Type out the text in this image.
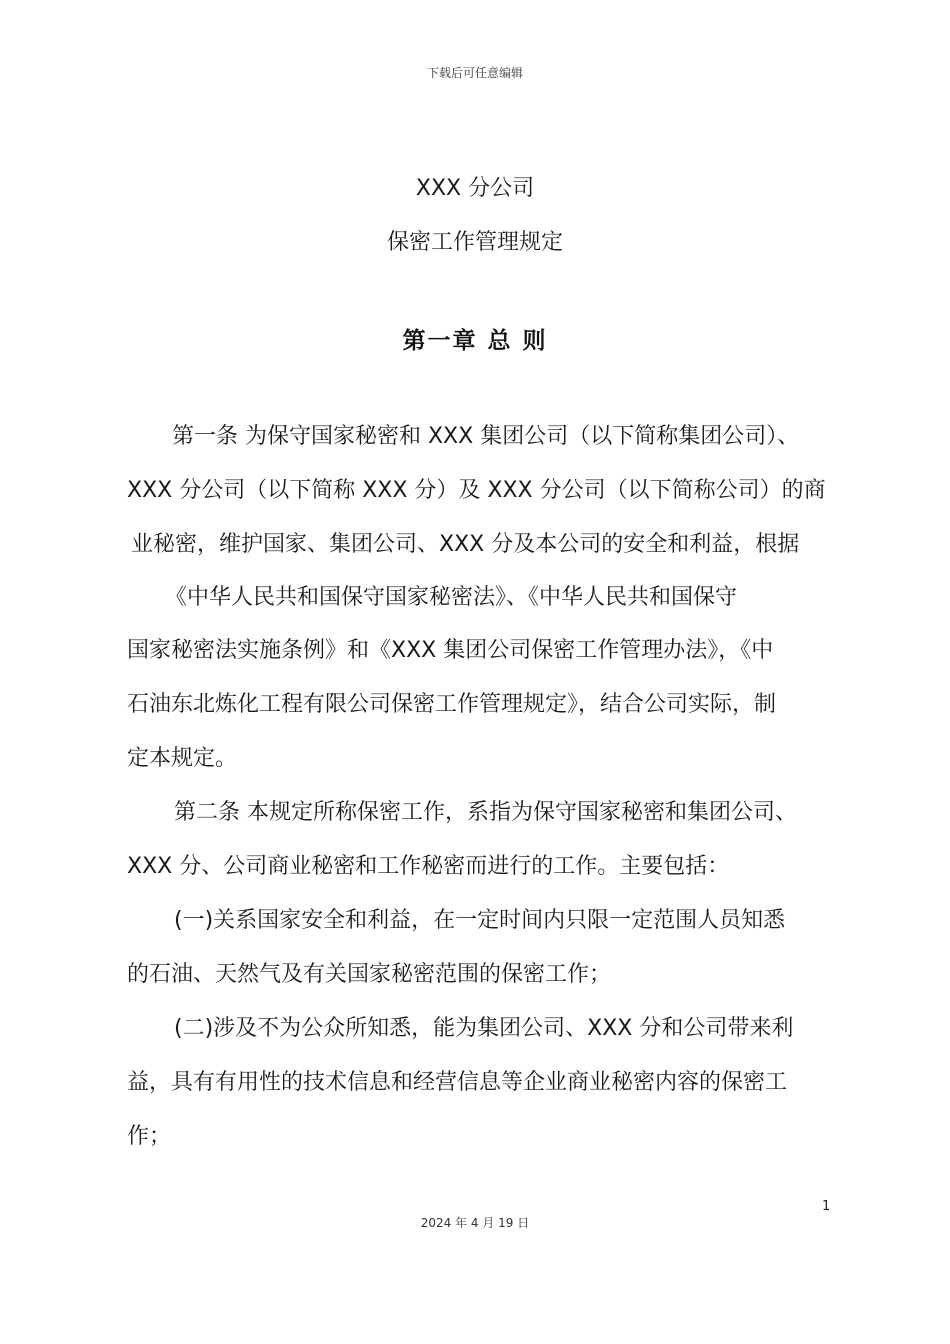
下载后可任意编辑
XXX 分公司
保密工作管理规定
第一章 总 则
第一条 为保守国家秘密和 XXX 集团公司（以下简称集团公司）、
XXX 分公司（以下简称 XXX 分）及 XXX 分公司（以下简称公司）的商
业秘密，维护国家、集团公司、XXX 分及本公司的安全和利益，根据
《中华人民共和国保守国家秘密法》、《中华人民共和国保守
国家秘密法实施条例》和《XXX 集团公司保密工作管理办法》，《中
石油东北炼化工程有限公司保密工作管理规定》，结合公司实际，制
定本规定。
第二条 本规定所称保密工作，系指为保守国家秘密和集团公司、
XXX 分、公司商业秘密和工作秘密而进行的工作。主要包括：
(一)关系国家安全和利益，在一定时间内只限一定范围人员知悉
的石油、天然气及有关国家秘密范围的保密工作；
(二)涉及不为公众所知悉，能为集团公司、XXX 分和公司带来利
益，具有有用性的技术信息和经营信息等企业商业秘密内容的保密工
作；
1
2024 年 4 月 19 日
